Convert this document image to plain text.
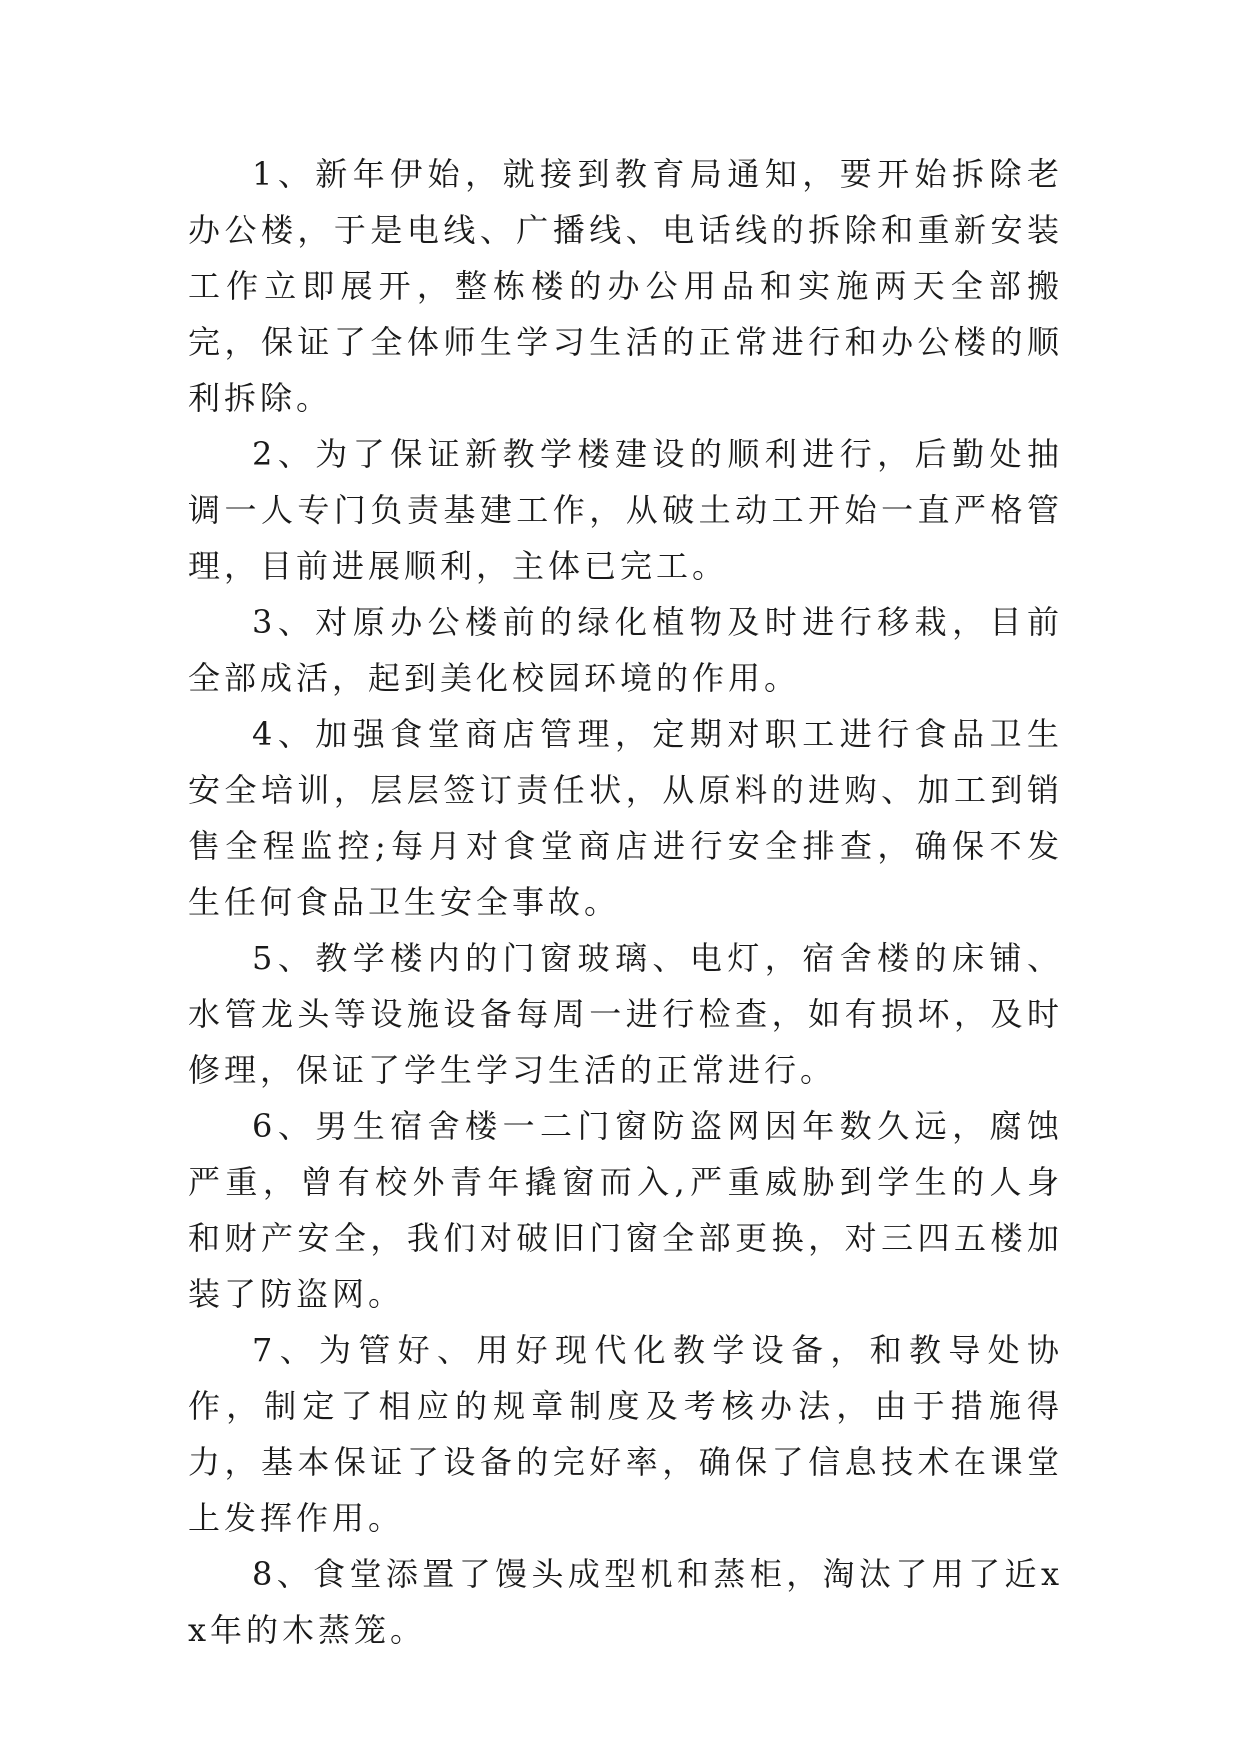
1、新年伊始，就接到教育局通知，要开始拆除老办公楼，于是电线、广播线、电话线的拆除和重新安装工作立即展开，整栋楼的办公用品和实施两天全部搬完，保证了全体师生学习生活的正常进行和办公楼的顺利拆除。

2、为了保证新教学楼建设的顺利进行，后勤处抽调一人专门负责基建工作，从破土动工开始一直严格管理，目前进展顺利，主体已完工。

3、对原办公楼前的绿化植物及时进行移栽，目前全部成活，起到美化校园环境的作用。

4、加强食堂商店管理，定期对职工进行食品卫生安全培训，层层签订责任状，从原料的进购、加工到销售全程监控;每月对食堂商店进行安全排查，确保不发生任何食品卫生安全事故。

5、教学楼内的门窗玻璃、电灯，宿舍楼的床铺、水管龙头等设施设备每周一进行检查，如有损坏，及时修理，保证了学生学习生活的正常进行。

6、男生宿舍楼一二门窗防盗网因年数久远，腐蚀严重，曾有校外青年撬窗而入,严重威胁到学生的人身和财产安全，我们对破旧门窗全部更换，对三四五楼加装了防盗网。

7、为管好、用好现代化教学设备，和教导处协作，制定了相应的规章制度及考核办法，由于措施得力，基本保证了设备的完好率，确保了信息技术在课堂上发挥作用。

8、食堂添置了馒头成型机和蒸柜，淘汰了用了近xx年的木蒸笼。
